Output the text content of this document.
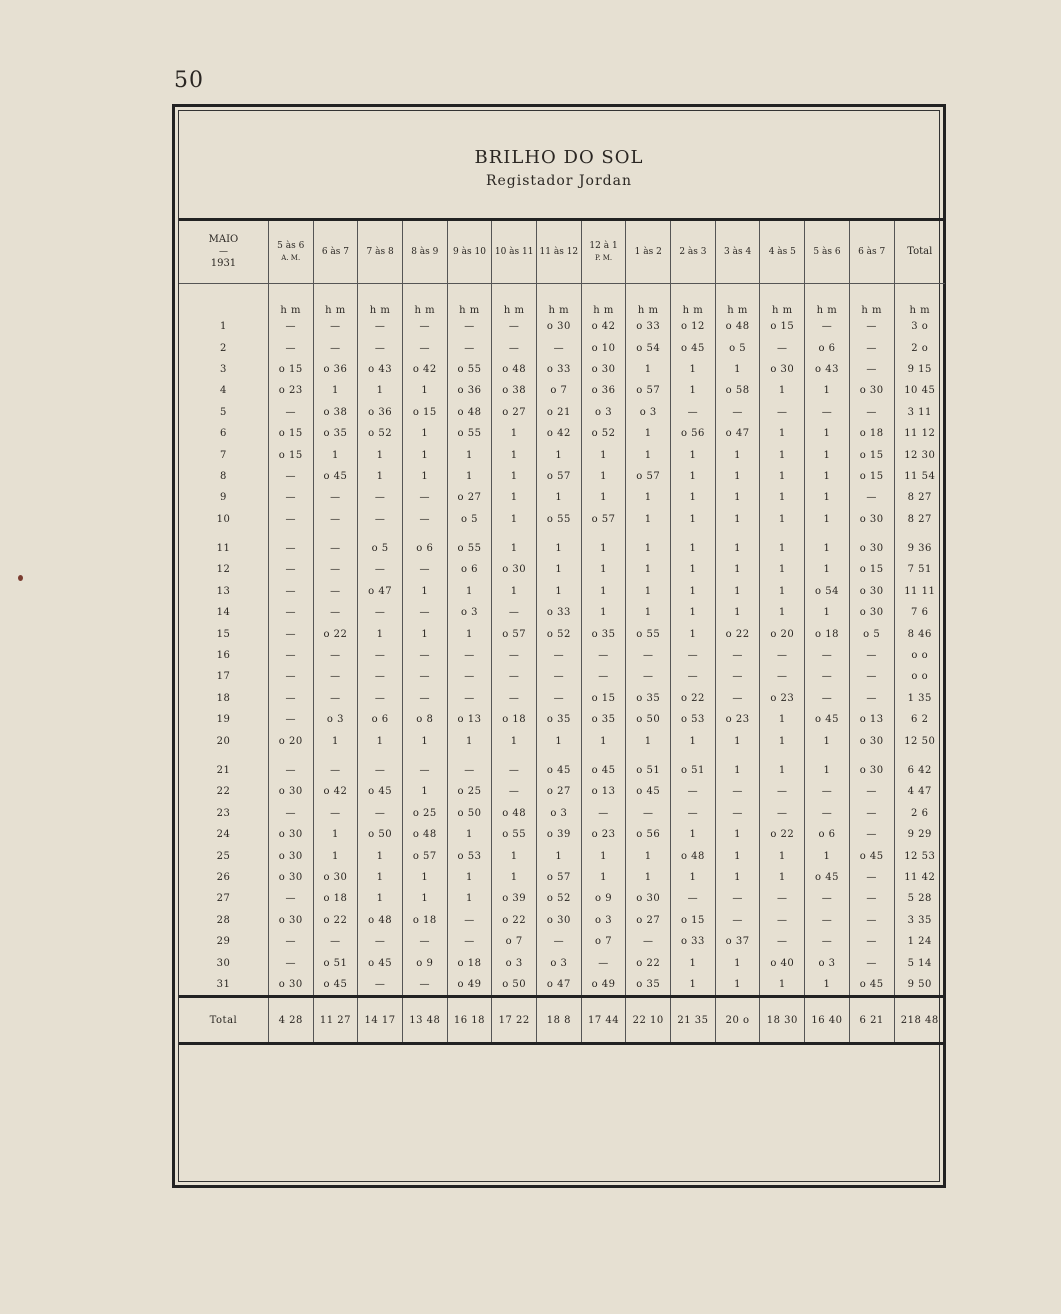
50
BRILHO DO SOL
Registador Jordan
MAIO
—
1931	5 às 6
A. M.	6 às 7	7 às 8	8 às 9	9 às 10	10 às 11	11 às 12	12 à 1
P. M.	1 às 2	2 às 3	3 às 4	4 às 5	5 às 6	6 às 7	Total
	h m	h m	h m	h m	h m	h m	h m	h m	h m	h m	h m	h m	h m	h m	h m
1	—	—	—	—	—	—	o 30	o 42	o 33	o 12	o 48	o 15	—	—	3 o
2	—	—	—	—	—	—	—	o 10	o 54	o 45	o 5	—	o 6	—	2 o
3	o 15	o 36	o 43	o 42	o 55	o 48	o 33	o 30	1	1	1	o 30	o 43	—	9 15
4	o 23	1	1	1	o 36	o 38	o 7	o 36	o 57	1	o 58	1	1	o 30	10 45
5	—	o 38	o 36	o 15	o 48	o 27	o 21	o 3	o 3	—	—	—	—	—	3 11
6	o 15	o 35	o 52	1	o 55	1	o 42	o 52	1	o 56	o 47	1	1	o 18	11 12
7	o 15	1	1	1	1	1	1	1	1	1	1	1	1	o 15	12 30
8	—	o 45	1	1	1	1	o 57	1	o 57	1	1	1	1	o 15	11 54
9	—	—	—	—	o 27	1	1	1	1	1	1	1	1	—	8 27
10	—	—	—	—	o 5	1	o 55	o 57	1	1	1	1	1	o 30	8 27

11	—	—	o 5	o 6	o 55	1	1	1	1	1	1	1	1	o 30	9 36
12	—	—	—	—	o 6	o 30	1	1	1	1	1	1	1	o 15	7 51
13	—	—	o 47	1	1	1	1	1	1	1	1	1	o 54	o 30	11 11
14	—	—	—	—	o 3	—	o 33	1	1	1	1	1	1	o 30	7 6
15	—	o 22	1	1	1	o 57	o 52	o 35	o 55	1	o 22	o 20	o 18	o 5	8 46
16	—	—	—	—	—	—	—	—	—	—	—	—	—	—	o o
17	—	—	—	—	—	—	—	—	—	—	—	—	—	—	o o
18	—	—	—	—	—	—	—	o 15	o 35	o 22	—	o 23	—	—	1 35
19	—	o 3	o 6	o 8	o 13	o 18	o 35	o 35	o 50	o 53	o 23	1	o 45	o 13	6 2
20	o 20	1	1	1	1	1	1	1	1	1	1	1	1	o 30	12 50

21	—	—	—	—	—	—	o 45	o 45	o 51	o 51	1	1	1	o 30	6 42
22	o 30	o 42	o 45	1	o 25	—	o 27	o 13	o 45	—	—	—	—	—	4 47
23	—	—	—	o 25	o 50	o 48	o 3	—	—	—	—	—	—	—	2 6
24	o 30	1	o 50	o 48	1	o 55	o 39	o 23	o 56	1	1	o 22	o 6	—	9 29
25	o 30	1	1	o 57	o 53	1	1	1	1	o 48	1	1	1	o 45	12 53
26	o 30	o 30	1	1	1	1	o 57	1	1	1	1	1	o 45	—	11 42
27	—	o 18	1	1	1	o 39	o 52	o 9	o 30	—	—	—	—	—	5 28
28	o 30	o 22	o 48	o 18	—	o 22	o 30	o 3	o 27	o 15	—	—	—	—	3 35
29	—	—	—	—	—	o 7	—	o 7	—	o 33	o 37	—	—	—	1 24
30	—	o 51	o 45	o 9	o 18	o 3	o 3	—	o 22	1	1	o 40	o 3	—	5 14
31	o 30	o 45	—	—	o 49	o 50	o 47	o 49	o 35	1	1	1	1	o 45	9 50
Total	4 28	11 27	14 17	13 48	16 18	17 22	18 8	17 44	22 10	21 35	20 o	18 30	16 40	6 21	218 48
